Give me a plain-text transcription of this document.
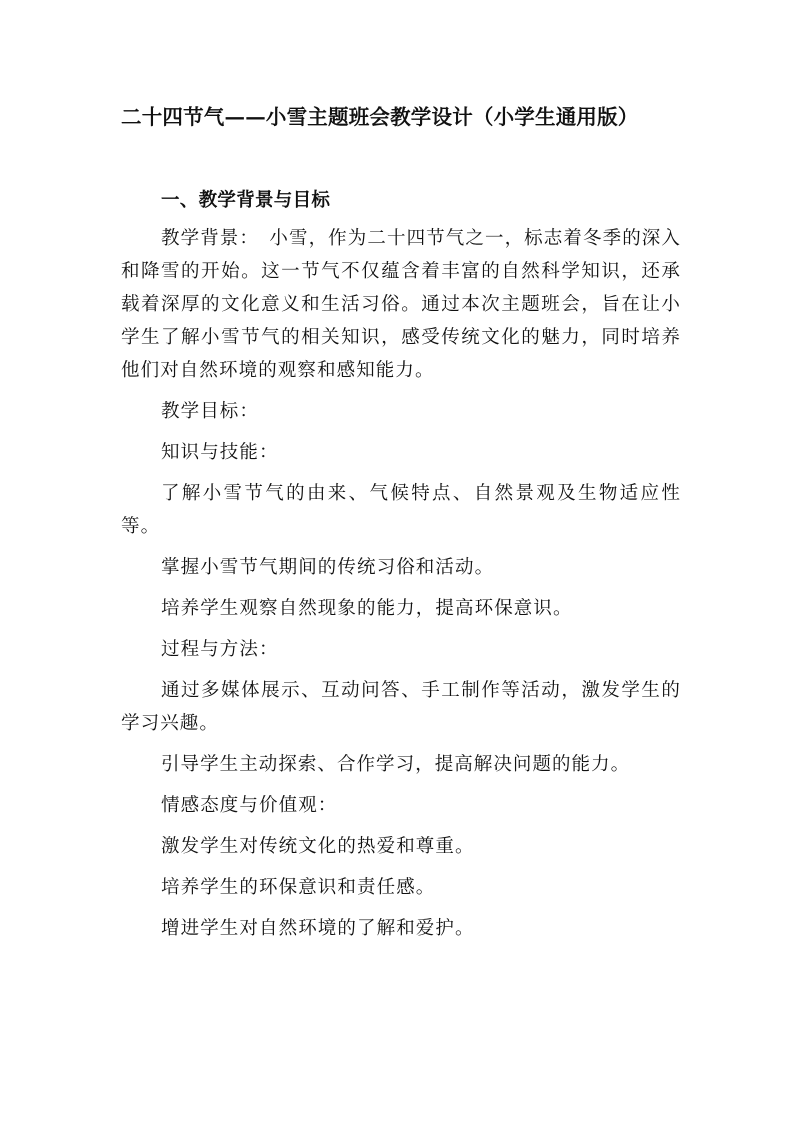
二十四节气——小雪主题班会教学设计（小学生通用版）
一、教学背景与目标

教学背景：　小雪，作为二十四节气之一，标志着冬季的深入和降雪的开始。这一节气不仅蕴含着丰富的自然科学知识，还承载着深厚的文化意义和生活习俗。通过本次主题班会，旨在让小学生了解小雪节气的相关知识，感受传统文化的魅力，同时培养他们对自然环境的观察和感知能力。

教学目标：

知识与技能：

了解小雪节气的由来、气候特点、自然景观及生物适应性等。

掌握小雪节气期间的传统习俗和活动。

培养学生观察自然现象的能力，提高环保意识。

过程与方法：

通过多媒体展示、互动问答、手工制作等活动，激发学生的学习兴趣。

引导学生主动探索、合作学习，提高解决问题的能力。

情感态度与价值观：

激发学生对传统文化的热爱和尊重。

培养学生的环保意识和责任感。

增进学生对自然环境的了解和爱护。
